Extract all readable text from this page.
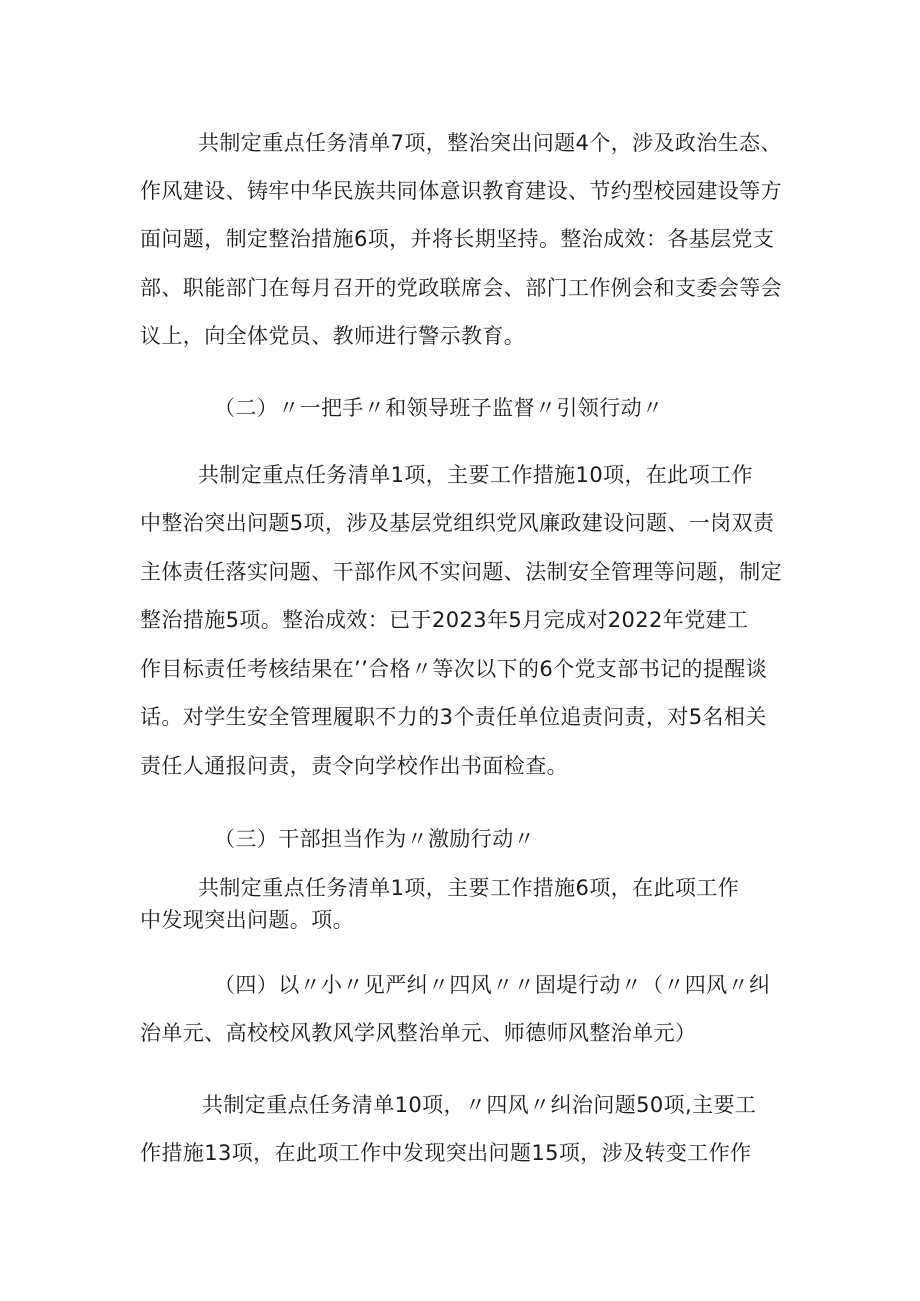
共制定重点任务清单7项，整治突出问题4个，涉及政治生态、
作风建设、铸牢中华民族共同体意识教育建设、节约型校园建设等方
面问题，制定整治措施6项，并将长期坚持。整治成效：各基层党支
部、职能部门在每月召开的党政联席会、部门工作例会和支委会等会
议上，向全体党员、教师进行警示教育。
（二）〃一把手〃和领导班子监督〃引领行动〃
共制定重点任务清单1项，主要工作措施10项，在此项工作
中整治突出问题5项，涉及基层党组织党风廉政建设问题、一岗双责
主体责任落实问题、干部作风不实问题、法制安全管理等问题，制定
整治措施5项。整治成效：已于2023年5月完成对2022年党建工
作目标责任考核结果在’’合格〃等次以下的6个党支部书记的提醒谈
话。对学生安全管理履职不力的3个责任单位追责问责，对5名相关
责任人通报问责，责令向学校作出书面检查。
（三）干部担当作为〃激励行动〃
共制定重点任务清单1项，主要工作措施6项，在此项工作
中发现突出问题。项。
（四）以〃小〃见严纠〃四风〃〃固堤行动〃（〃四风〃纠
治单元、高校校风教风学风整治单元、师德师风整治单元）
共制定重点任务清单10项，〃四风〃纠治问题50项,主要工
作措施13项，在此项工作中发现突出问题15项，涉及转变工作作
